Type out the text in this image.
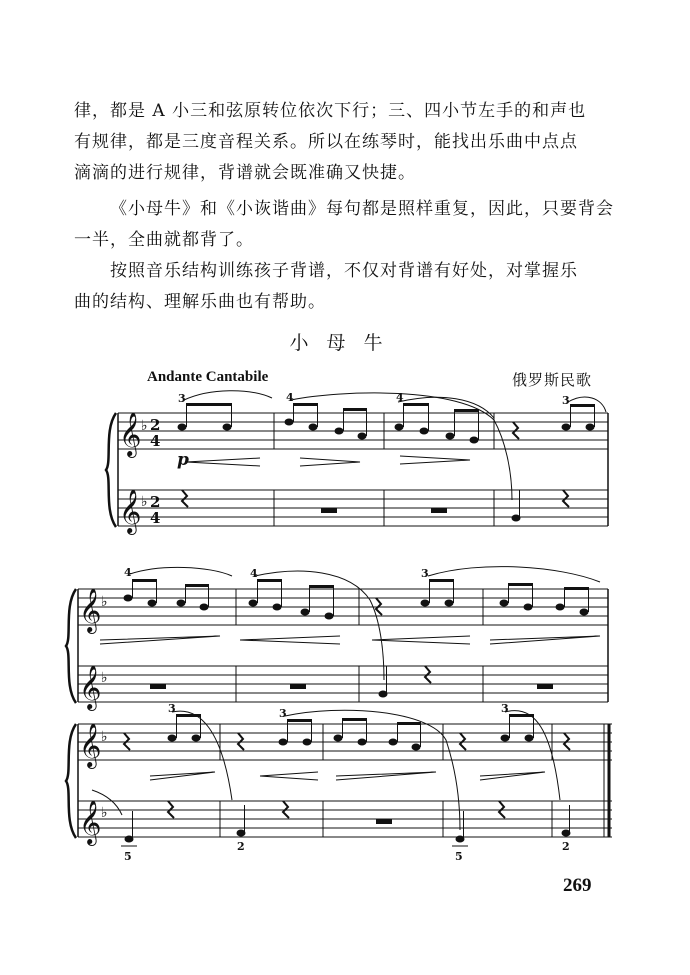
律，都是 A 小三和弦原转位依次下行；三、四小节左手的和声也
有规律，都是三度音程关系。所以在练琴时，能找出乐曲中点点
滴滴的进行规律，背谱就会既准确又快捷。
《小母牛》和《小诙谐曲》每句都是照样重复，因此，只要背会
一半，全曲就都背了。
按照音乐结构训练孩子背谱，不仅对背谱有好处，对掌握乐
曲的结构、理解乐曲也有帮助。
小母牛
Andante Cantabile	俄罗斯民歌
𝄞
𝄞
♭
♭
2
4
2
4
p
3	4	4	3
𝄞
𝄞
♭
♭
4	4	3
𝄞
𝄞
♭
♭
3	3	3
5
2
5
2
269
